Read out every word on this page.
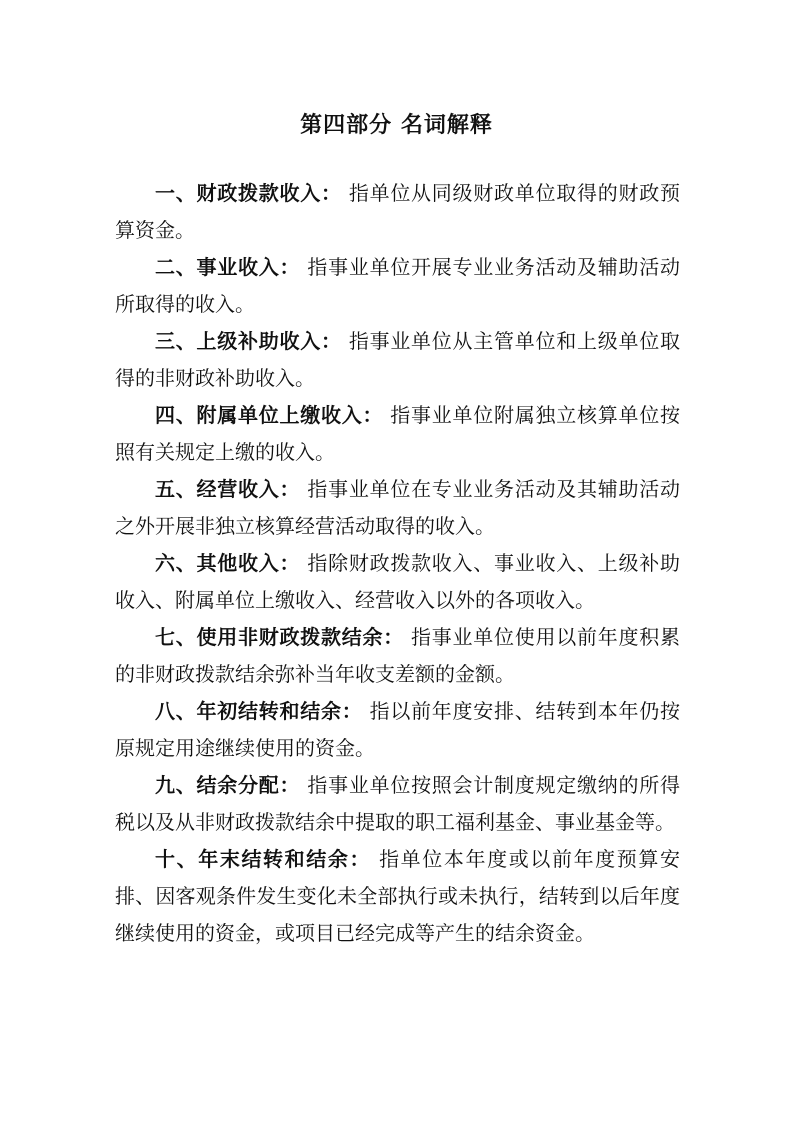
第四部分 名词解释

一、财政拨款收入： 指单位从同级财政单位取得的财政预算资金。

二、事业收入： 指事业单位开展专业业务活动及辅助活动所取得的收入。

三、上级补助收入： 指事业单位从主管单位和上级单位取得的非财政补助收入。

四、附属单位上缴收入： 指事业单位附属独立核算单位按照有关规定上缴的收入。

五、经营收入： 指事业单位在专业业务活动及其辅助活动之外开展非独立核算经营活动取得的收入。

六、其他收入： 指除财政拨款收入、事业收入、上级补助收入、附属单位上缴收入、经营收入以外的各项收入。

七、使用非财政拨款结余： 指事业单位使用以前年度积累的非财政拨款结余弥补当年收支差额的金额。

八、年初结转和结余： 指以前年度安排、结转到本年仍按原规定用途继续使用的资金。

九、结余分配： 指事业单位按照会计制度规定缴纳的所得税以及从非财政拨款结余中提取的职工福利基金、事业基金等。

十、年末结转和结余： 指单位本年度或以前年度预算安排、因客观条件发生变化未全部执行或未执行，结转到以后年度继续使用的资金，或项目已经完成等产生的结余资金。
